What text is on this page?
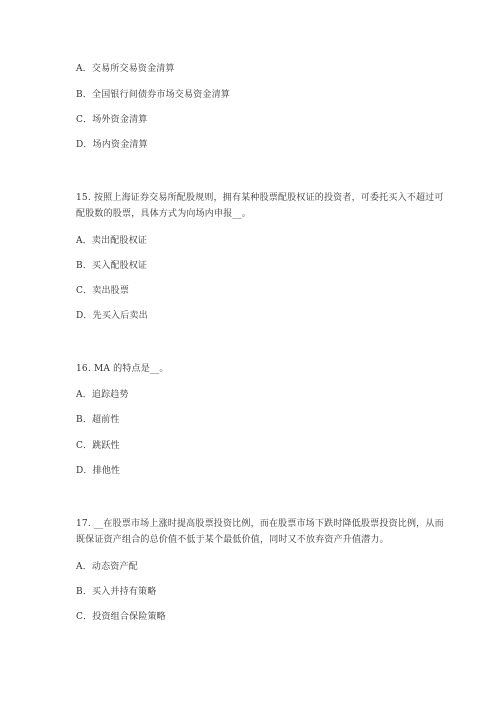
A．交易所交易资金清算
B．全国银行间债券市场交易资金清算
C．场外资金清算
D．场内资金清算
15. 按照上海证券交易所配股规则，拥有某种股票配股权证的投资者，可委托买入不超过可
配股数的股票，具体方式为向场内申报__。
A．卖出配股权证
B．买入配股权证
C．卖出股票
D．先买入后卖出
16. MA 的特点是__。
A．追踪趋势
B．超前性
C．跳跃性
D．排他性
17. __在股票市场上涨时提高股票投资比例，而在股票市场下跌时降低股票投资比例，从而
既保证资产组合的总价值不低于某个最低价值，同时又不放弃资产升值潜力。
A．动态资产配
B．买入并持有策略
C．投资组合保险策略
